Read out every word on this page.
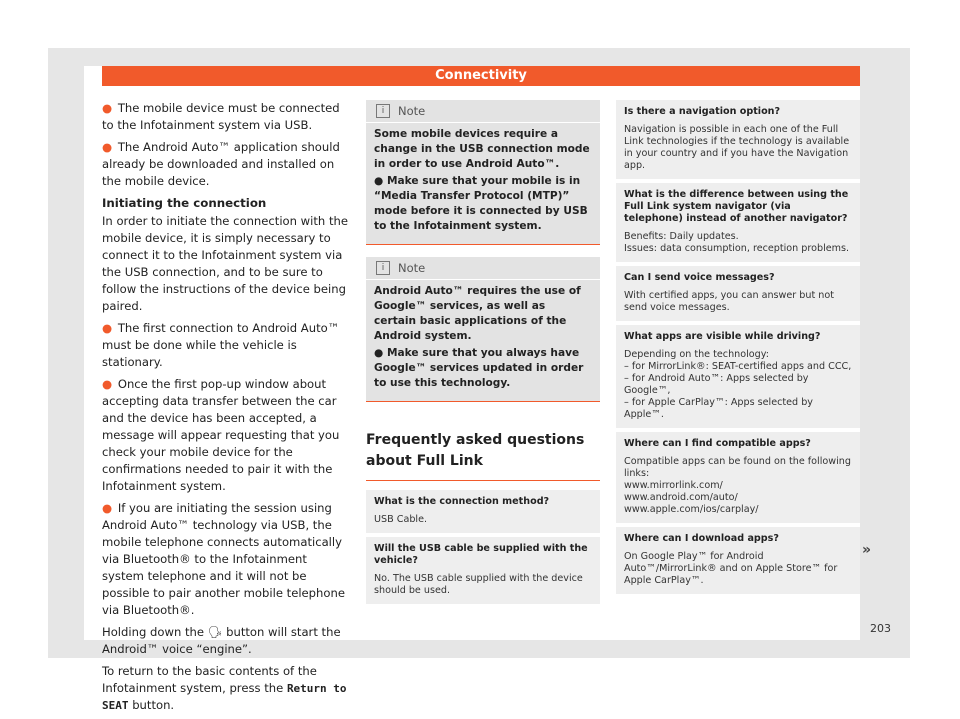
Connectivity

● The mobile device must be connected to the Infotainment system via USB.

● The Android Auto™ application should already be downloaded and installed on the mobile device.

Initiating the connection

In order to initiate the connection with the mobile device, it is simply necessary to connect it to the Infotainment system via the USB connection, and to be sure to follow the instructions of the device being paired.

● The first connection to Android Auto™ must be done while the vehicle is stationary.

● Once the first pop-up window about accepting data transfer between the car and the device has been accepted, a message will appear requesting that you check your mobile device for the confirmations needed to pair it with the Infotainment system.

● If you are initiating the session using Android Auto™ technology via USB, the mobile telephone connects automatically via Bluetooth® to the Infotainment system telephone and it will not be possible to pair another mobile telephone via Bluetooth®.

Holding down the 🗣 button will start the Android™ voice “engine”.

To return to the basic contents of the Infotainment system, press the Return to SEAT button.

i	Note

Some mobile devices require a change in the USB connection mode in order to use Android Auto™.

● Make sure that your mobile is in “Media Transfer Protocol (MTP)” mode before it is connected by USB to the Infotainment system.

i	Note

Android Auto™ requires the use of Google™ services, as well as certain basic applications of the Android system.

● Make sure that you always have Google™ services updated in order to use this technology.

Frequently asked questions about Full Link
What is the connection method?
USB Cable.
Will the USB cable be supplied with the vehicle?
No. The USB cable supplied with the device should be used.
Is there a navigation option?
Navigation is possible in each one of the Full Link technologies if the technology is available in your country and if you have the Navigation app.
What is the difference between using the Full Link system navigator (via telephone) instead of another navigator?
Benefits: Daily updates.
Issues: data consumption, reception problems.
Can I send voice messages?
With certified apps, you can answer but not send voice messages.
What apps are visible while driving?
Depending on the technology:
– for MirrorLink®: SEAT-certified apps and CCC,
– for Android Auto™: Apps selected by Google™,
– for Apple CarPlay™: Apps selected by Apple™.
Where can I find compatible apps?
Compatible apps can be found on the following links:
www.mirrorlink.com/
www.android.com/auto/
www.apple.com/ios/carplay/
Where can I download apps?
On Google Play™ for Android Auto™/MirrorLink® and on Apple Store™ for Apple CarPlay™.
»
203
